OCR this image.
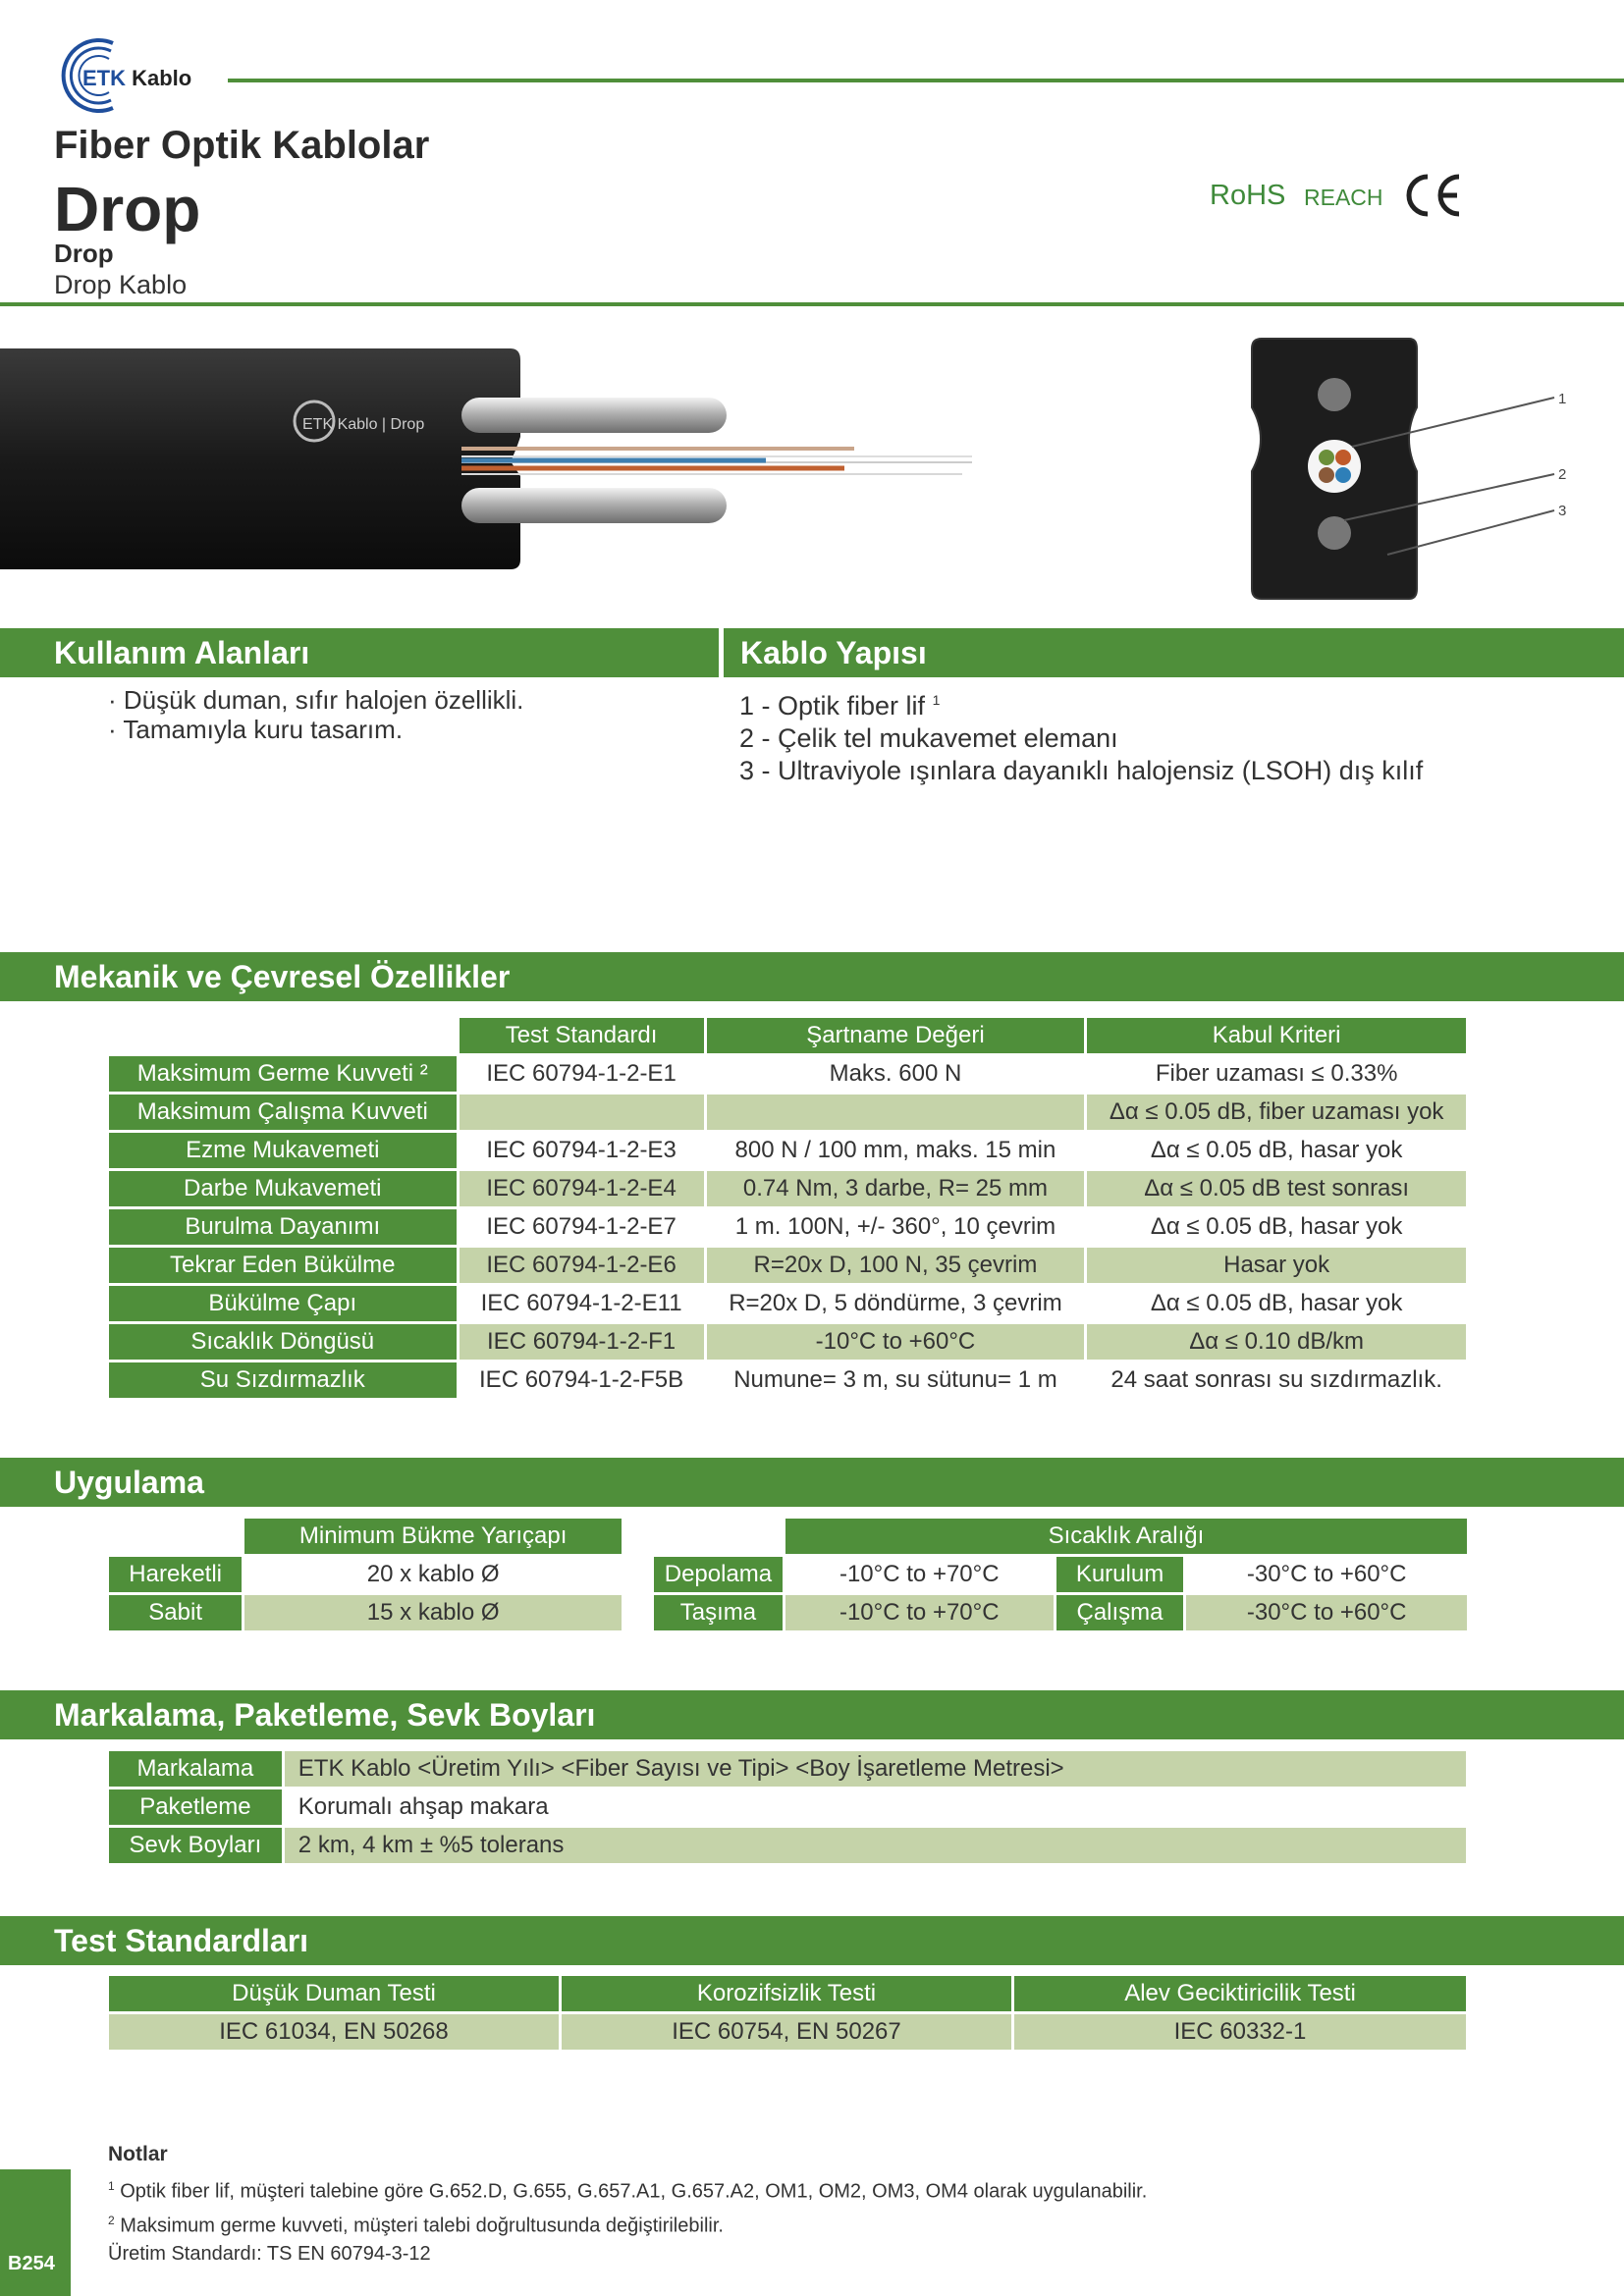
ETK Kablo
Fiber Optik Kablolar
Drop
Drop
Drop Kablo
RoHS REACH
ETK Kablo | Drop
1
2
3
Kullanım Alanları	Kablo Yapısı
· Düşük duman, sıfır halojen özellikli.
· Tamamıyla kuru tasarım.
1 - Optik fiber lif $^1$
2 - Çelik tel mukavemet elemanı
3 - Ultraviyole ışınlara dayanıklı halojensiz (LSOH) dış kılıf
Mekanik ve Çevresel Özellikler
	Test Standardı	Şartname Değeri	Kabul Kriteri
Maksimum Germe Kuvveti ²	IEC 60794-1-2-E1	Maks. 600 N	Fiber uzaması ≤ 0.33%
Maksimum Çalışma Kuvveti			Δα ≤ 0.05 dB, fiber uzaması yok
Ezme Mukavemeti	IEC 60794-1-2-E3	800 N / 100 mm, maks. 15 min	Δα ≤ 0.05 dB, hasar yok
Darbe Mukavemeti	IEC 60794-1-2-E4	0.74 Nm, 3 darbe, R= 25 mm	Δα ≤ 0.05 dB test sonrası
Burulma Dayanımı	IEC 60794-1-2-E7	1 m. 100N, +/- 360°, 10 çevrim	Δα ≤ 0.05 dB, hasar yok
Tekrar Eden Bükülme	IEC 60794-1-2-E6	R=20x D, 100 N, 35 çevrim	Hasar yok
Bükülme Çapı	IEC 60794-1-2-E11	R=20x D, 5 döndürme, 3 çevrim	Δα ≤ 0.05 dB, hasar yok
Sıcaklık Döngüsü	IEC 60794-1-2-F1	-10°C to +60°C	Δα ≤ 0.10 dB/km
Su Sızdırmazlık	IEC 60794-1-2-F5B	Numune= 3 m, su sütunu= 1 m	24 saat sonrası su sızdırmazlık.
Uygulama
	Minimum Bükme Yarıçapı
Hareketli	20 x kablo Ø
Sabit	15 x kablo Ø
	Sıcaklık Aralığı		
Depolama	-10°C to +70°C	Kurulum	-30°C to +60°C
Taşıma	-10°C to +70°C	Çalışma	-30°C to +60°C
Markalama, Paketleme, Sevk Boyları
Markalama	ETK Kablo <Üretim Yılı> <Fiber Sayısı ve Tipi> <Boy İşaretleme Metresi>
Paketleme	Korumalı ahşap makara
Sevk Boyları	2 km, 4 km ± %5 tolerans
Test Standardları
Düşük Duman Testi	Korozifsizlik Testi	Alev Geciktiricilik Testi
IEC 61034, EN 50268	IEC 60754, EN 50267	IEC 60332-1
Notlar
$^1$ Optik fiber lif, müşteri talebine göre G.652.D, G.655, G.657.A1, G.657.A2, OM1, OM2, OM3, OM4 olarak uygulanabilir.
$^2$ Maksimum germe kuvveti, müşteri talebi doğrultusunda değiştirilebilir.
Üretim Standardı: TS EN 60794-3-12
B254
